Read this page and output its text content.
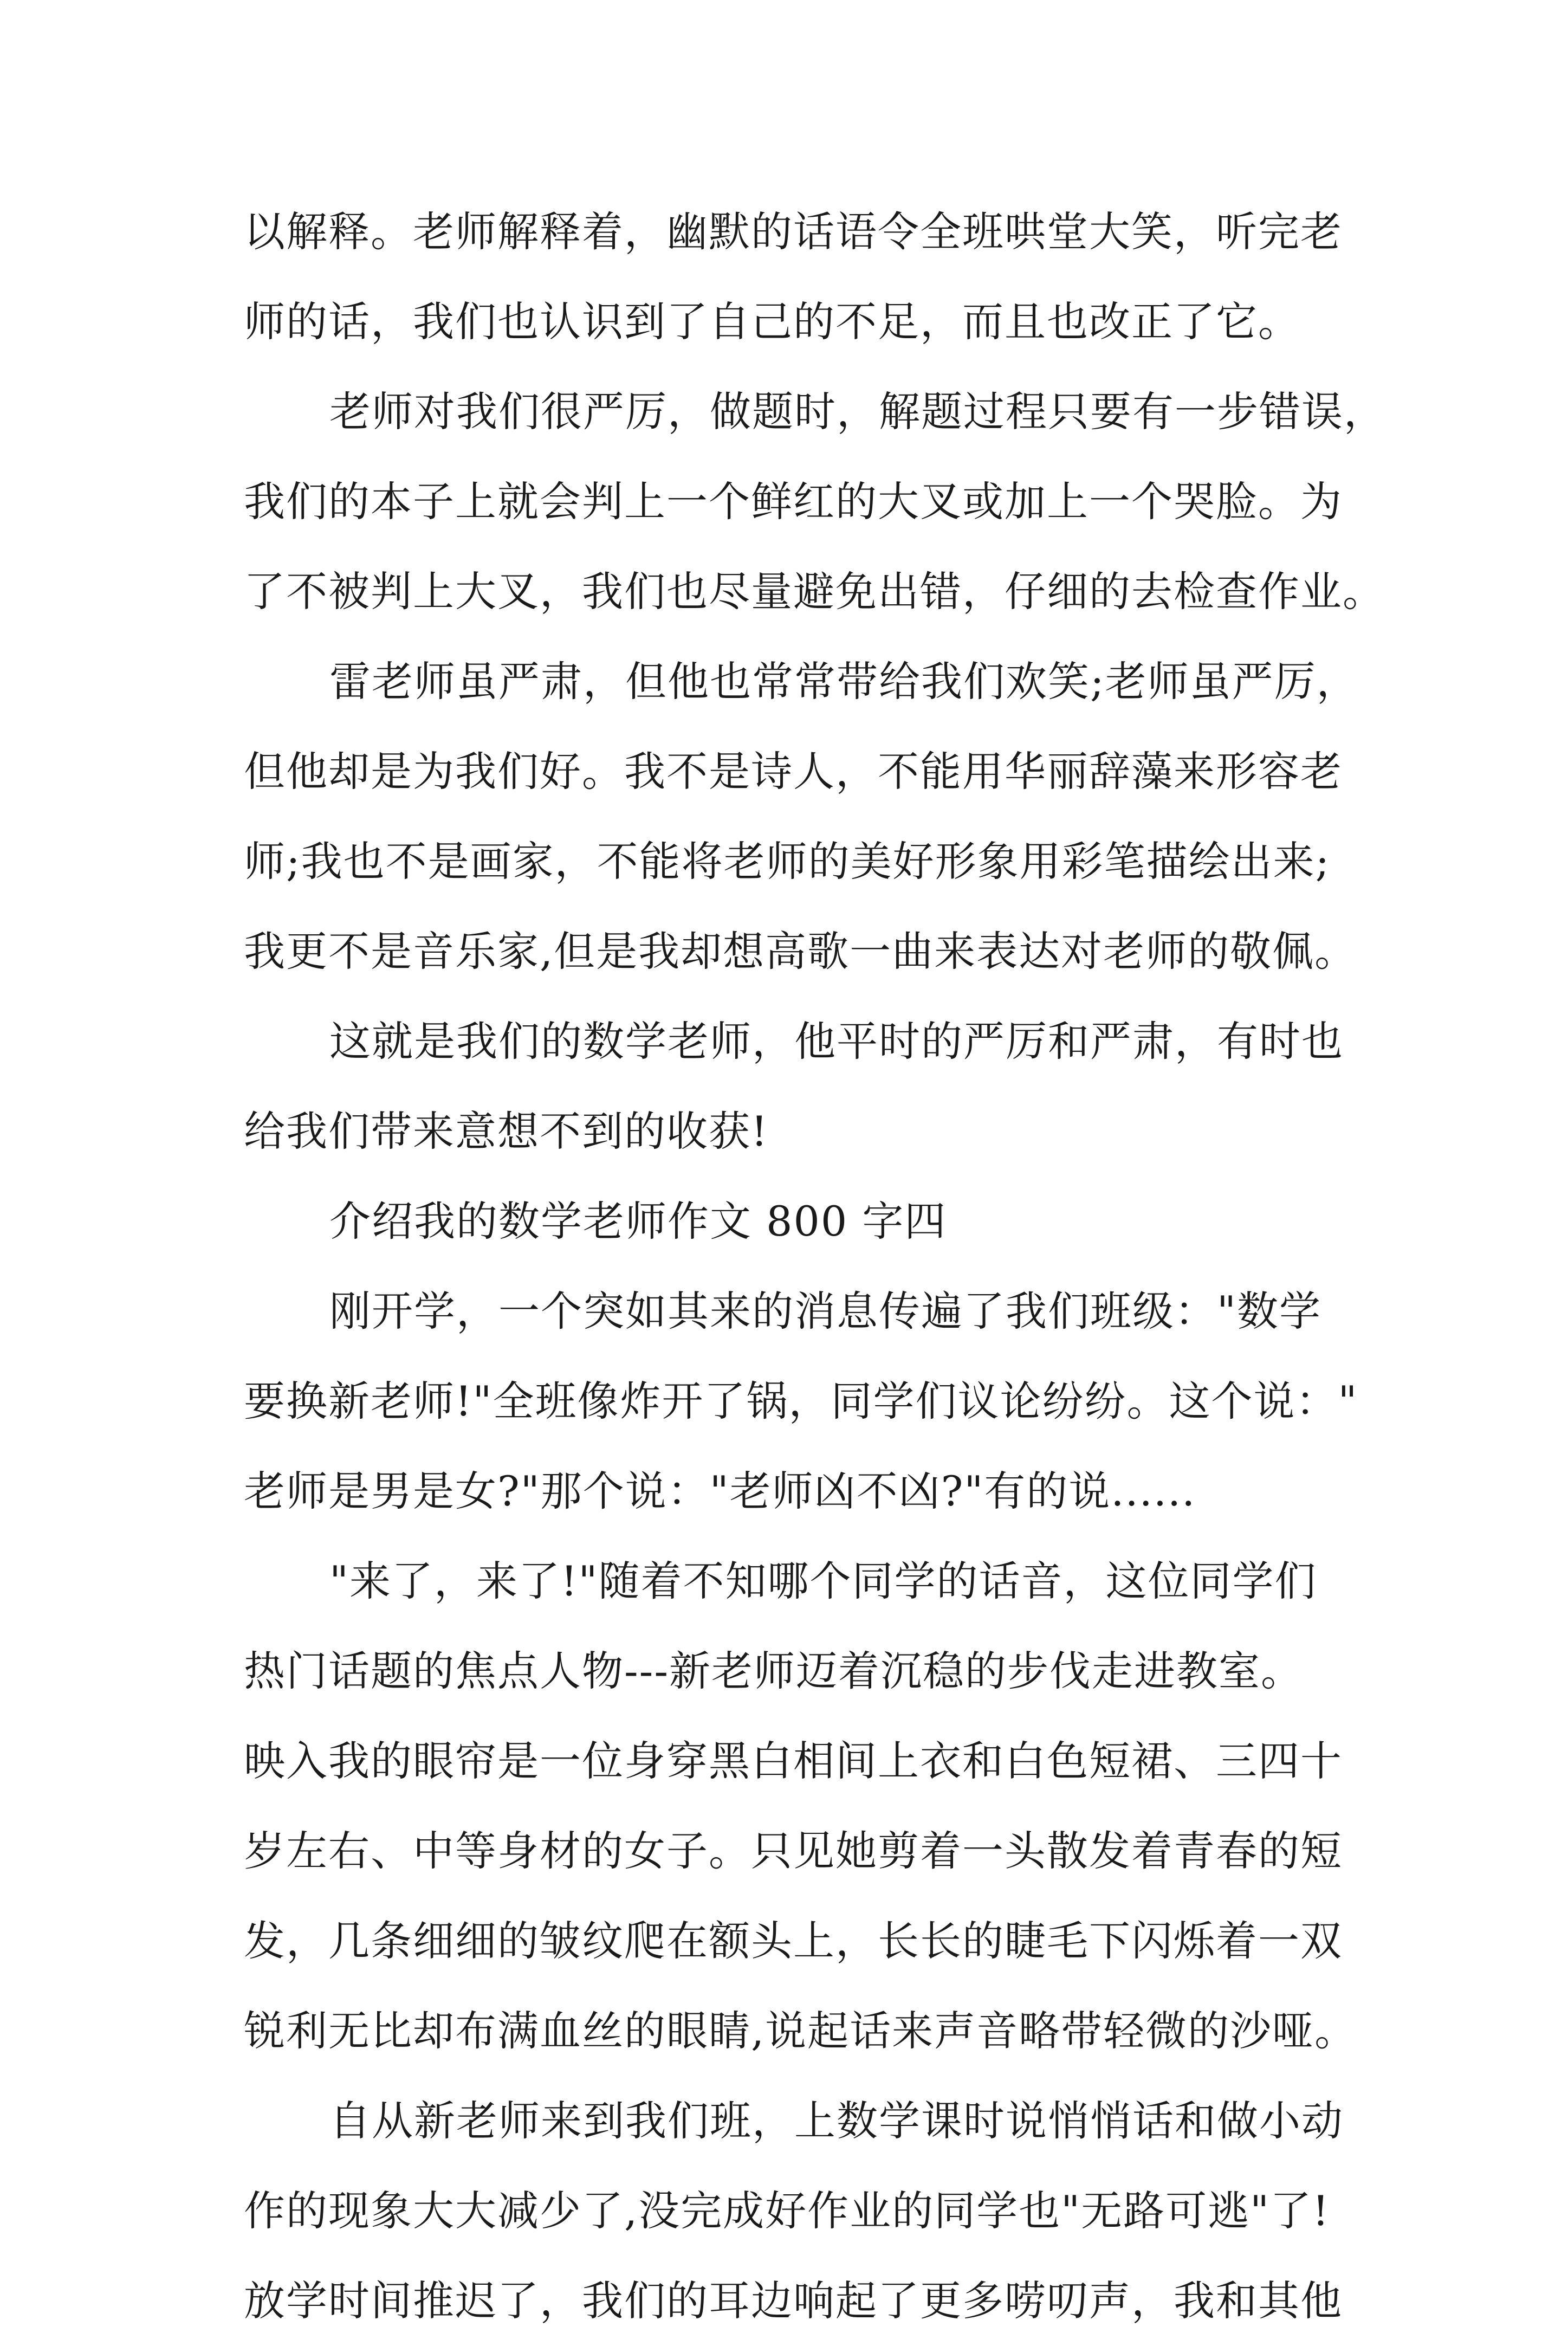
以解释。老师解释着，幽默的话语令全班哄堂大笑，听完老
师的话，我们也认识到了自己的不足，而且也改正了它。
老师对我们很严厉，做题时，解题过程只要有一步错误，
我们的本子上就会判上一个鲜红的大叉或加上一个哭脸。为
了不被判上大叉，我们也尽量避免出错，仔细的去检查作业。
雷老师虽严肃，但他也常常带给我们欢笑;老师虽严厉，
但他却是为我们好。我不是诗人，不能用华丽辞藻来形容老
师;我也不是画家，不能将老师的美好形象用彩笔描绘出来;
我更不是音乐家,但是我却想高歌一曲来表达对老师的敬佩。
这就是我们的数学老师，他平时的严厉和严肃，有时也
给我们带来意想不到的收获!
介绍我的数学老师作文 800 字四
刚开学，一个突如其来的消息传遍了我们班级："数学
要换新老师!"全班像炸开了锅，同学们议论纷纷。这个说："
老师是男是女?"那个说："老师凶不凶?"有的说......
"来了，来了!"随着不知哪个同学的话音，这位同学们
热门话题的焦点人物---新老师迈着沉稳的步伐走进教室。
映入我的眼帘是一位身穿黑白相间上衣和白色短裙、三四十
岁左右、中等身材的女子。只见她剪着一头散发着青春的短
发，几条细细的皱纹爬在额头上，长长的睫毛下闪烁着一双
锐利无比却布满血丝的眼睛,说起话来声音略带轻微的沙哑。
自从新老师来到我们班，上数学课时说悄悄话和做小动
作的现象大大减少了,没完成好作业的同学也"无路可逃"了!
放学时间推迟了，我们的耳边响起了更多唠叨声，我和其他
